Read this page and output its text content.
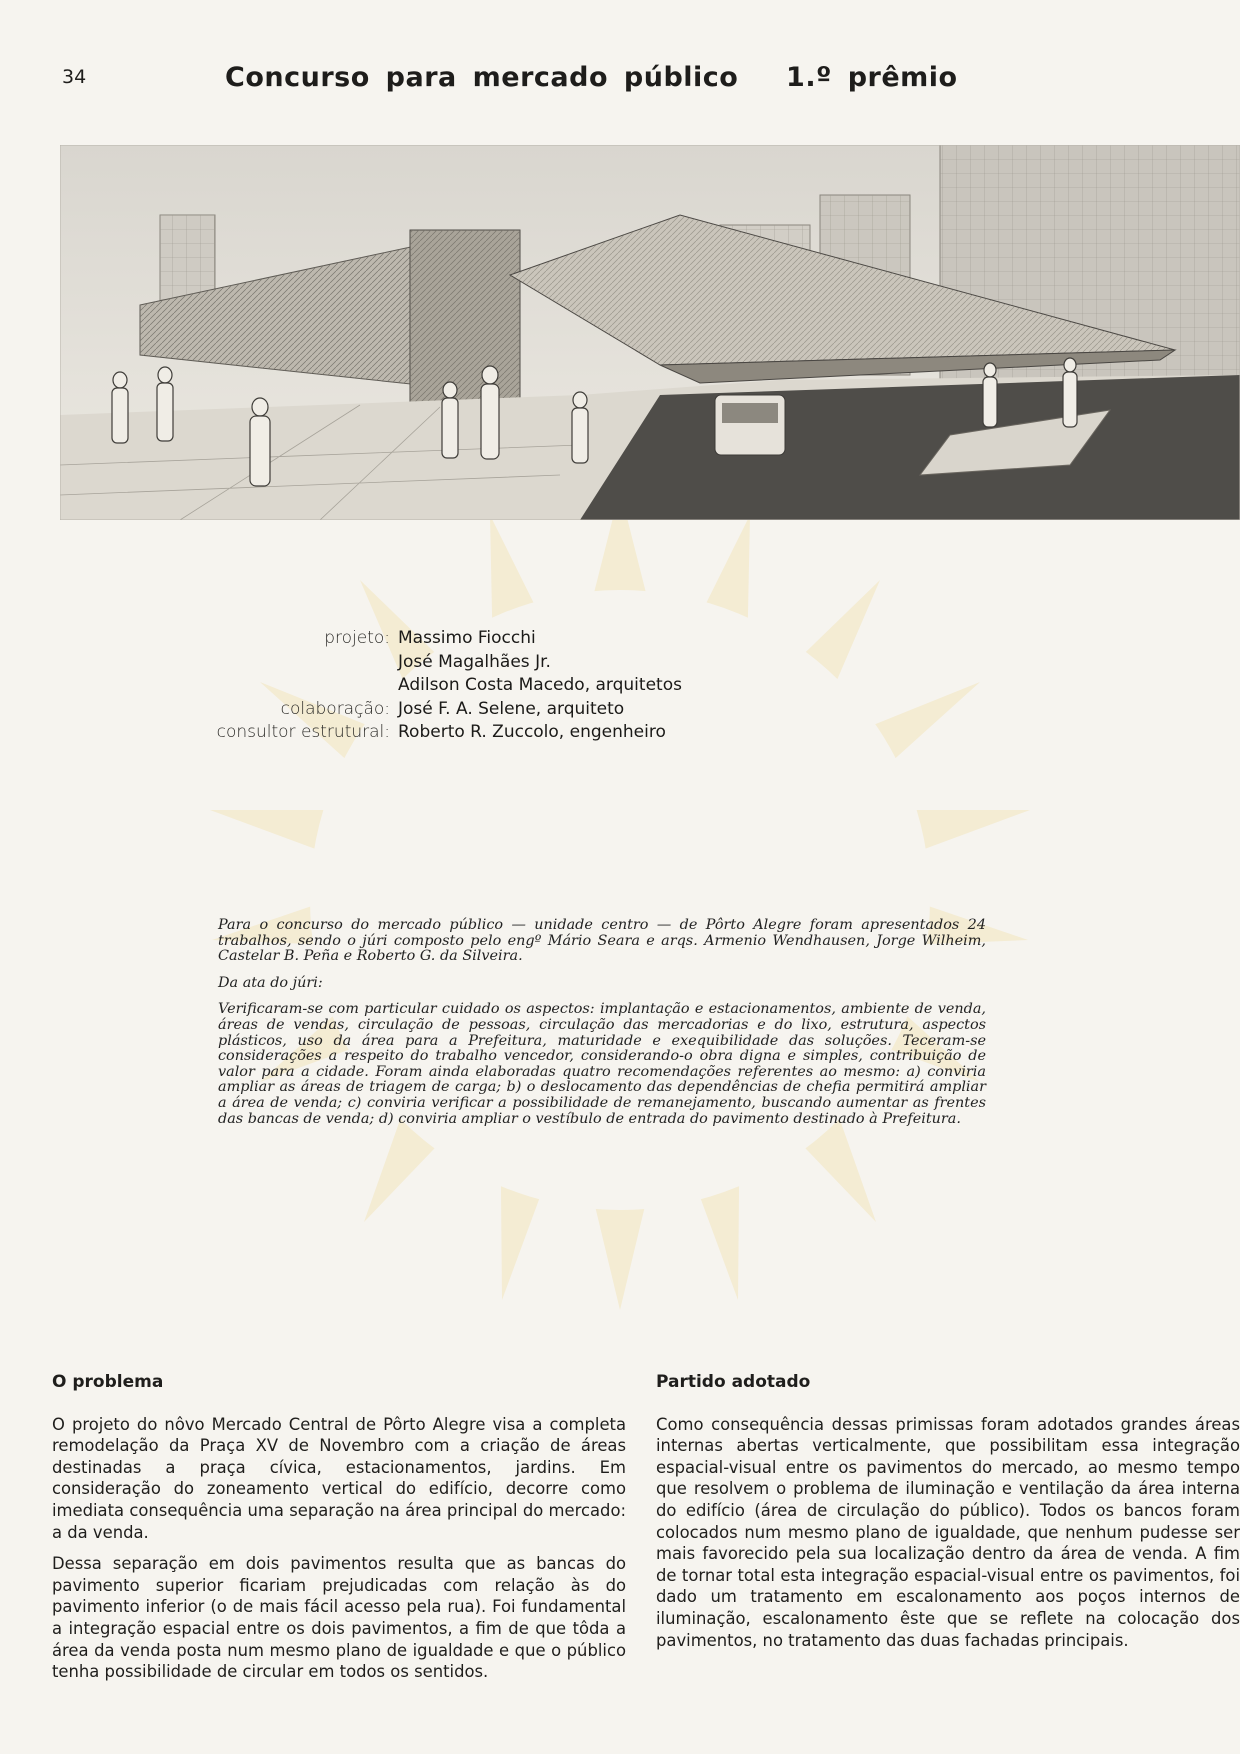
34	Concurso para mercado público   1.º prêmio
projeto:	Massimo Fiocchi
	José Magalhães Jr.
	Adilson Costa Macedo, arquitetos
colaboração:	José F. A. Selene, arquiteto
consultor estrutural:	Roberto R. Zuccolo, engenheiro

Para o concurso do mercado público — unidade centro — de Pôrto Alegre foram apresentados 24 trabalhos, sendo o júri composto pelo engº Mário Seara e arqs. Armenio Wendhausen, Jorge Wilheim, Castelar B. Peña e Roberto G. da Silveira.

Da ata do júri:

Verificaram-se com particular cuidado os aspectos: implantação e estacionamentos, ambiente de venda, áreas de vendas, circulação de pessoas, circulação das mercadorias e do lixo, estrutura, aspectos plásticos, uso da área para a Prefeitura, maturidade e exequibilidade das soluções. Teceram-se considerações a respeito do trabalho vencedor, considerando-o obra digna e simples, contribuição de valor para a cidade. Foram ainda elaboradas quatro recomendações referentes ao mesmo: a) conviria ampliar as áreas de triagem de carga; b) o deslocamento das dependências de chefia permitirá ampliar a área de venda; c) conviria verificar a possibilidade de remanejamento, buscando aumentar as frentes das bancas de venda; d) conviria ampliar o vestíbulo de entrada do pavimento destinado à Prefeitura.

O problema

O projeto do nôvo Mercado Central de Pôrto Alegre visa a completa remodelação da Praça XV de Novembro com a criação de áreas destinadas a praça cívica, estacionamentos, jardins. Em consideração do zoneamento vertical do edifício, decorre como imediata consequência uma separação na área principal do mercado: a da venda.

Dessa separação em dois pavimentos resulta que as bancas do pavimento superior ficariam prejudicadas com relação às do pavimento inferior (o de mais fácil acesso pela rua). Foi fundamental a integração espacial entre os dois pavimentos, a fim de que tôda a área da venda posta num mesmo plano de igualdade e que o público tenha possibilidade de circular em todos os sentidos.

Partido adotado

Como consequência dessas primissas foram adotados grandes áreas internas abertas verticalmente, que possibilitam essa integração espacial-visual entre os pavimentos do mercado, ao mesmo tempo que resolvem o problema de iluminação e ventilação da área interna do edifício (área de circulação do público). Todos os bancos foram colocados num mesmo plano de igualdade, que nenhum pudesse ser mais favorecido pela sua localização dentro da área de venda. A fim de tornar total esta integração espacial-visual entre os pavimentos, foi dado um tratamento em escalonamento aos poços internos de iluminação, escalonamento êste que se reflete na colocação dos pavimentos, no tratamento das duas fachadas principais.
